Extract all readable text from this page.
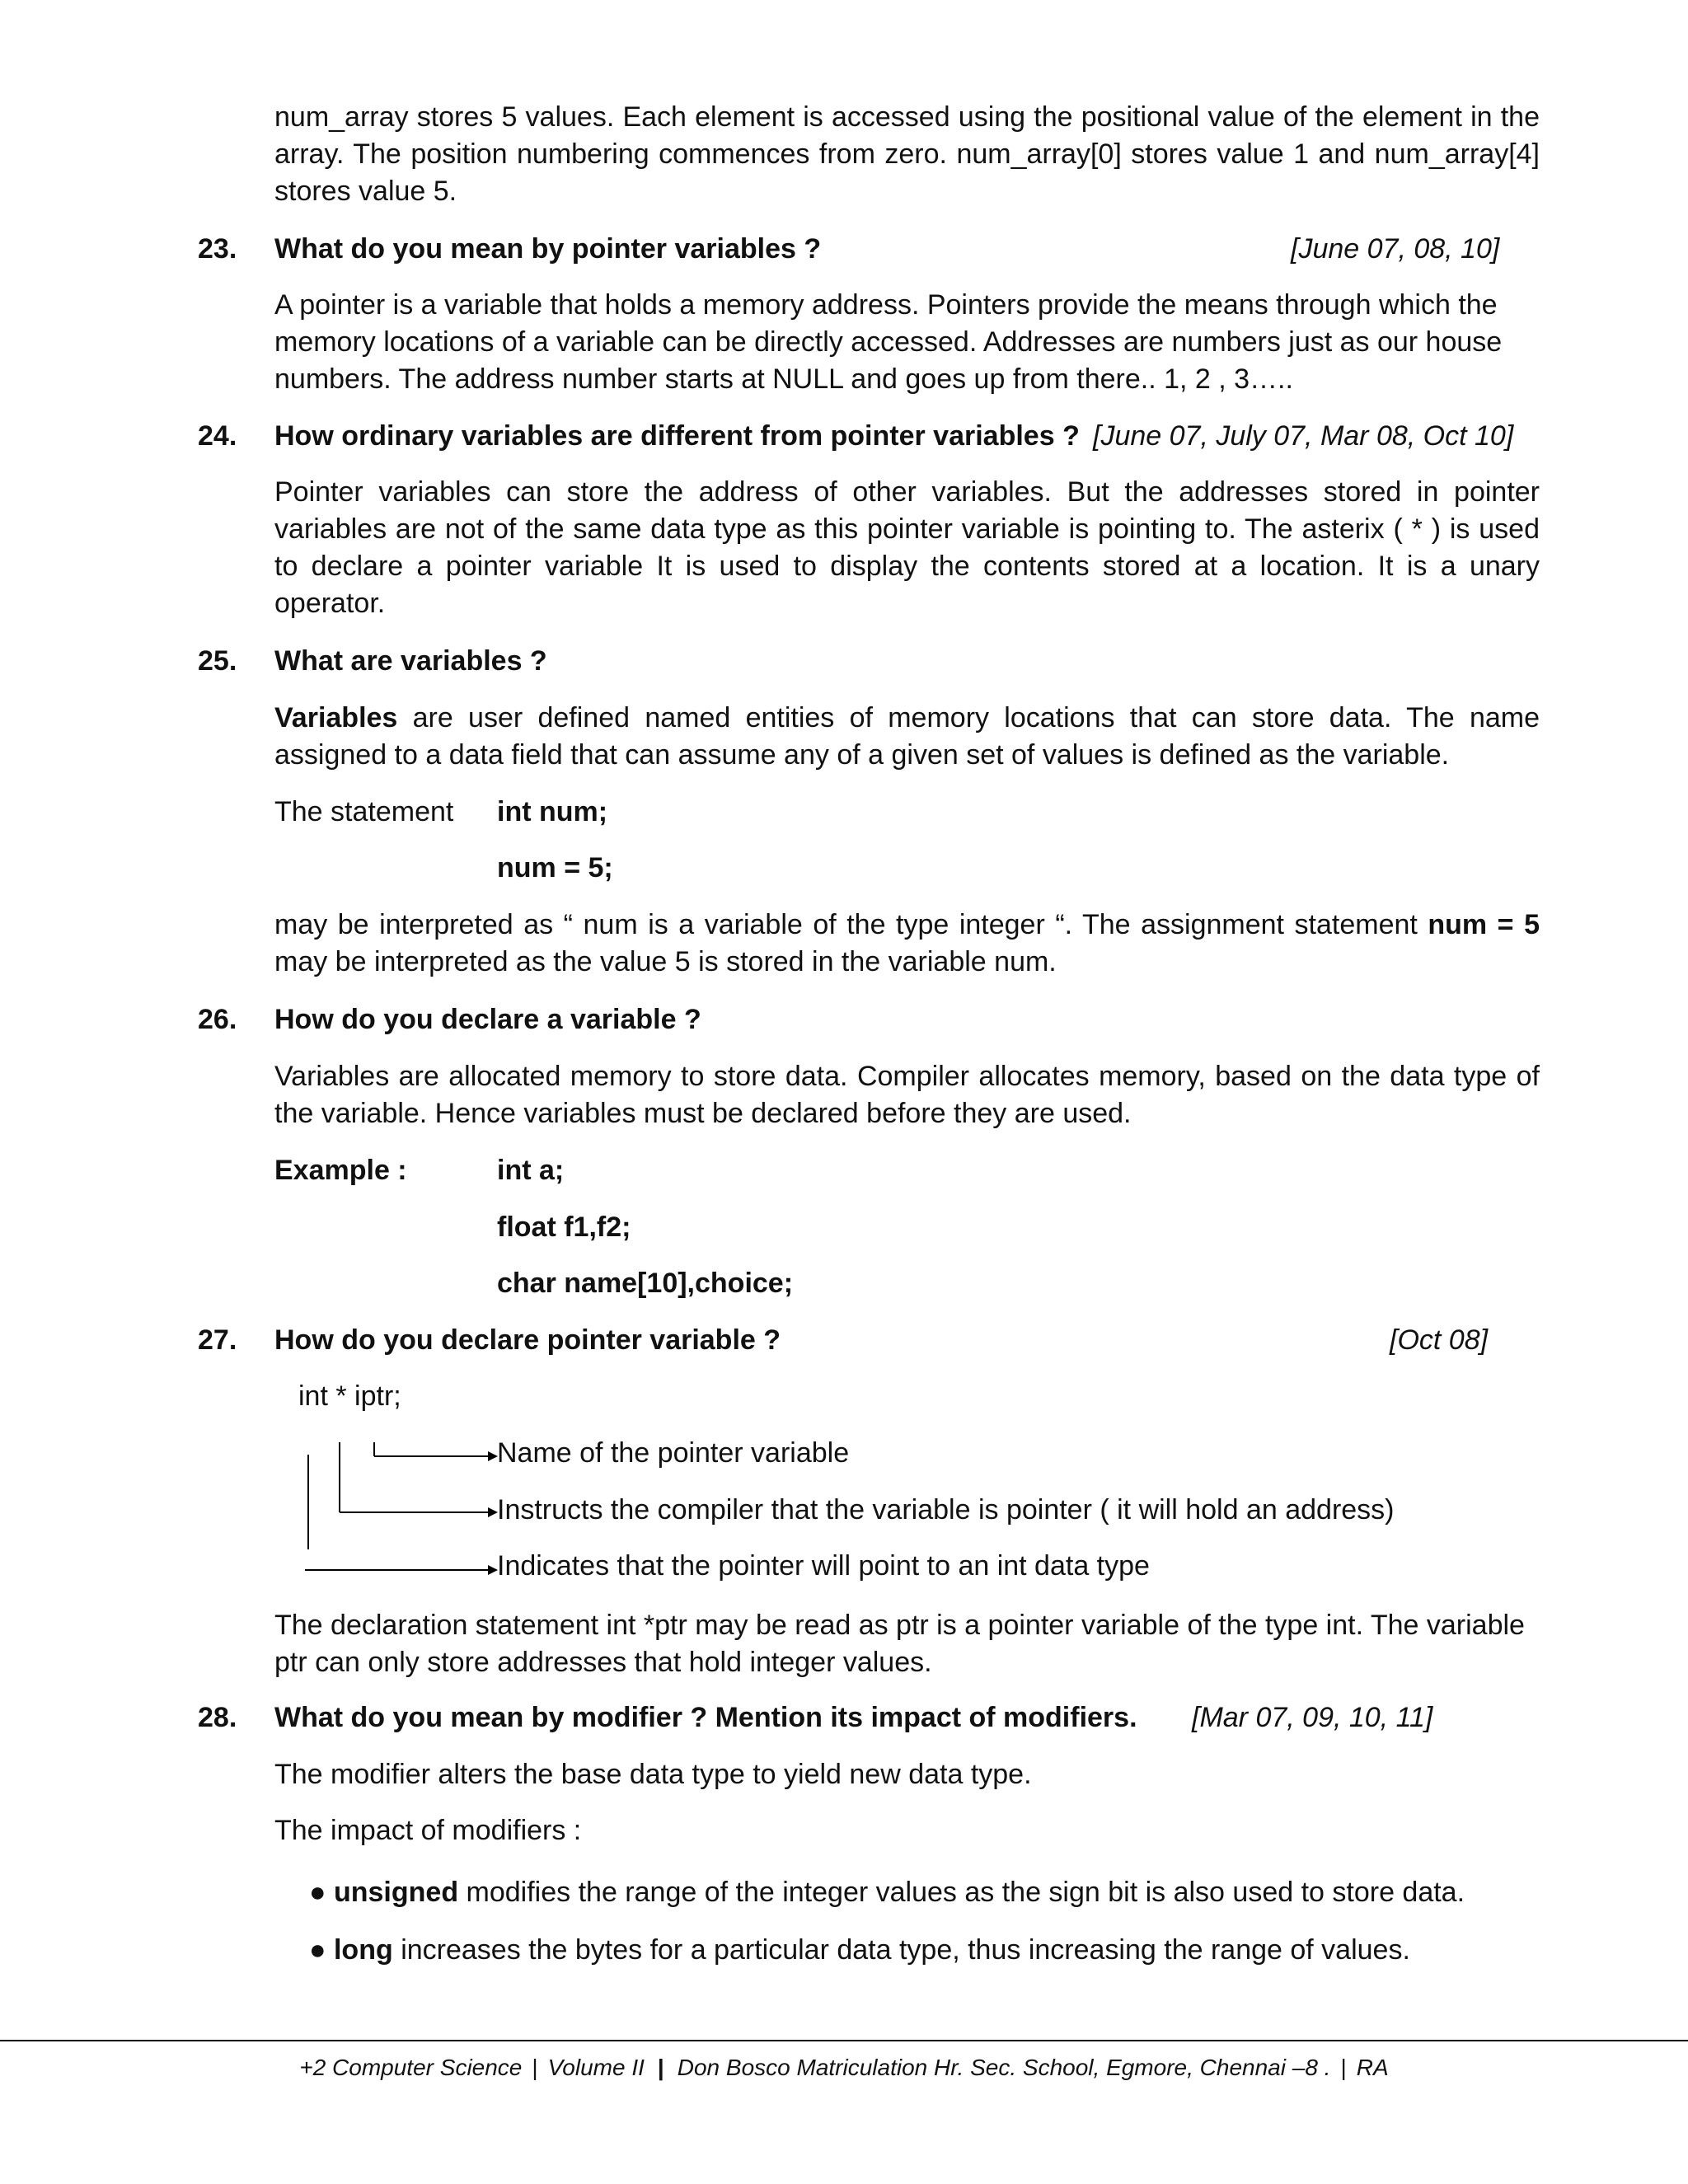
num_array stores 5 values. Each element is accessed using the positional value of the element in the array. The position numbering commences from zero. num_array[0] stores value 1 and num_array[4] stores value 5.
23. What do you mean by pointer variables ?	[June 07, 08, 10]
A pointer is a variable that holds a memory address. Pointers provide the means through which the memory locations of a variable can be directly accessed. Addresses are numbers just as our house numbers. The address number starts at NULL and goes up from there.. 1, 2 , 3…..
24. How ordinary variables are different from pointer variables ? [June 07, July 07, Mar 08, Oct 10]
Pointer variables can store the address of other variables. But the addresses stored in pointer variables are not of the same data type as this pointer variable is pointing to. The asterix ( * ) is used to declare a pointer variable It is used to display the contents stored at a location. It is a unary operator.
25. What are variables ?
Variables are user defined named entities of memory locations that can store data. The name assigned to a data field that can assume any of a given set of values is defined as the variable.
The statement int num;
num = 5;
may be interpreted as “ num is a variable of the type integer “. The assignment statement num = 5 may be interpreted as the value 5 is stored in the variable num.
26. How do you declare a variable ?
Variables are allocated memory to store data. Compiler allocates memory, based on the data type of the variable. Hence variables must be declared before they are used.
Example :	int a;
float f1,f2;
char name[10],choice;
27. How do you declare pointer variable ?	[Oct 08]
int * iptr;
Name of the pointer variable
Instructs the compiler that the variable is pointer ( it will hold an address)
Indicates that the pointer will point to an int data type
The declaration statement int *ptr may be read as ptr is a pointer variable of the type int. The variable ptr can only store addresses that hold integer values.
28. What do you mean by modifier ? Mention its impact of modifiers. [Mar 07, 09, 10, 11]
The modifier alters the base data type to yield new data type.
The impact of modifiers :
● unsigned modifies the range of the integer values as the sign bit is also used to store data.
● long increases the bytes for a particular data type, thus increasing the range of values.
+2 Computer Science | Volume II | Don Bosco Matriculation Hr. Sec. School, Egmore, Chennai –8 . | RA
